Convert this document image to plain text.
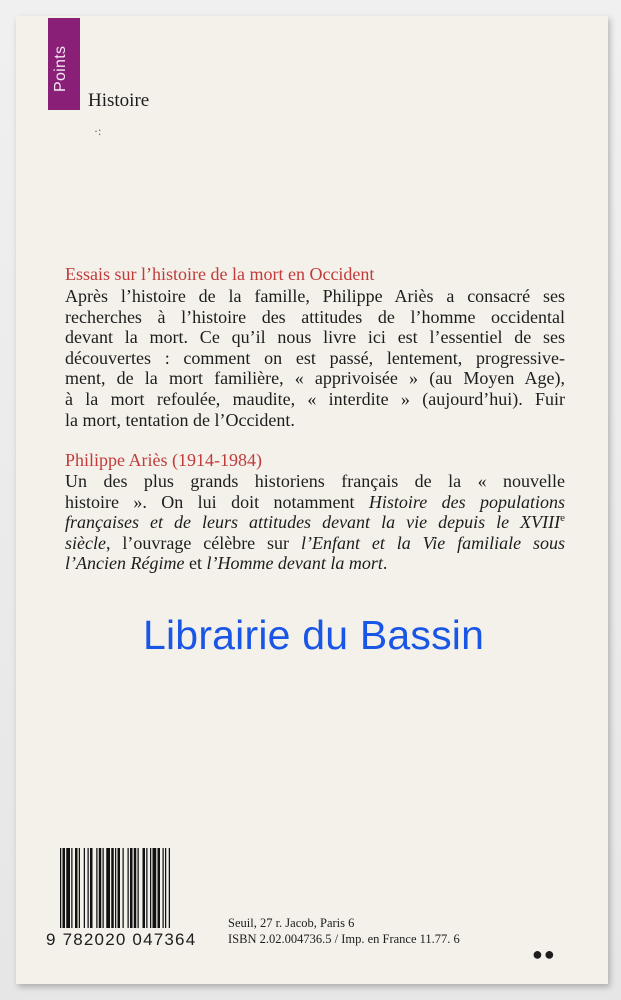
Points
Histoire
·:
Essais sur l’histoire de la mort en Occident
Après l’histoire de la famille, Philippe Ariès a consacré ses
recherches à l’histoire des attitudes de l’homme occidental
devant la mort. Ce qu’il nous livre ici est l’essentiel de ses
découvertes : comment on est passé, lentement, progressive-
ment, de la mort familière, « apprivoisée » (au Moyen Age),
à la mort refoulée, maudite, « interdite » (aujourd’hui). Fuir
la mort, tentation de l’Occident.
Philippe Ariès (1914-1984)
Un des plus grands historiens français de la « nouvelle
histoire ». On lui doit notamment Histoire des populations
françaises et de leurs attitudes devant la vie depuis le XVIIIe
siècle, l’ouvrage célèbre sur l’Enfant et la Vie familiale sous
l’Ancien Régime et l’Homme devant la mort.
Librairie du Bassin
9 782020 047364
Seuil, 27 r. Jacob, Paris 6
ISBN 2.02.004736.5 / Imp. en France 11.77. 6
●●
